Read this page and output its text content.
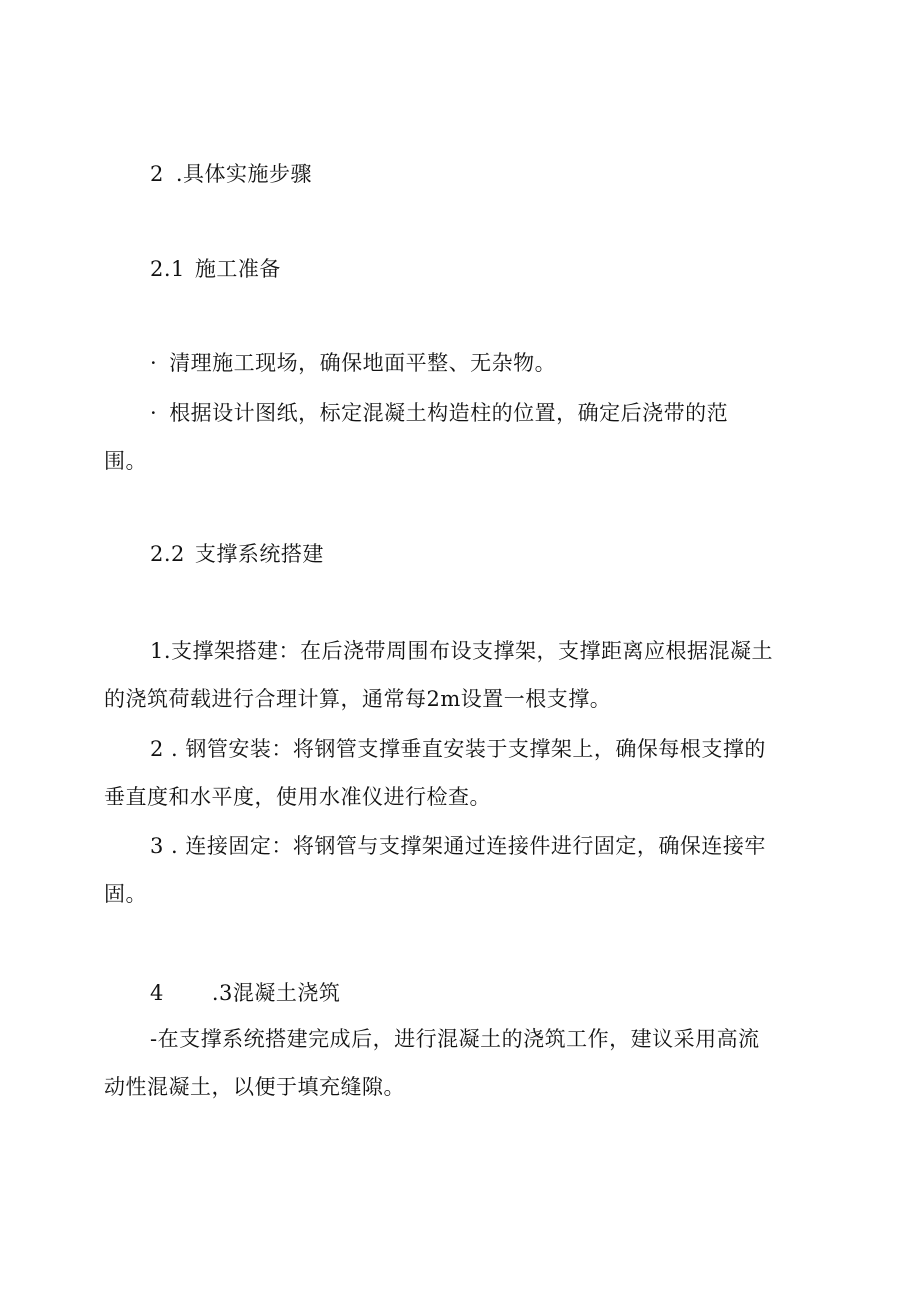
2 .具体实施步骤
2.1 施工准备
· 清理施工现场，确保地面平整、无杂物。
· 根据设计图纸，标定混凝土构造柱的位置，确定后浇带的范
围。
2.2 支撑系统搭建
1.支撑架搭建：在后浇带周围布设支撑架，支撑距离应根据混凝土
的浇筑荷载进行合理计算，通常每2m设置一根支撑。
2 . 钢管安装：将钢管支撑垂直安装于支撑架上，确保每根支撑的
垂直度和水平度，使用水准仪进行检查。
3 . 连接固定：将钢管与支撑架通过连接件进行固定，确保连接牢
固。
4 .3混凝土浇筑
-在支撑系统搭建完成后，进行混凝土的浇筑工作，建议采用高流
动性混凝土，以便于填充缝隙。
